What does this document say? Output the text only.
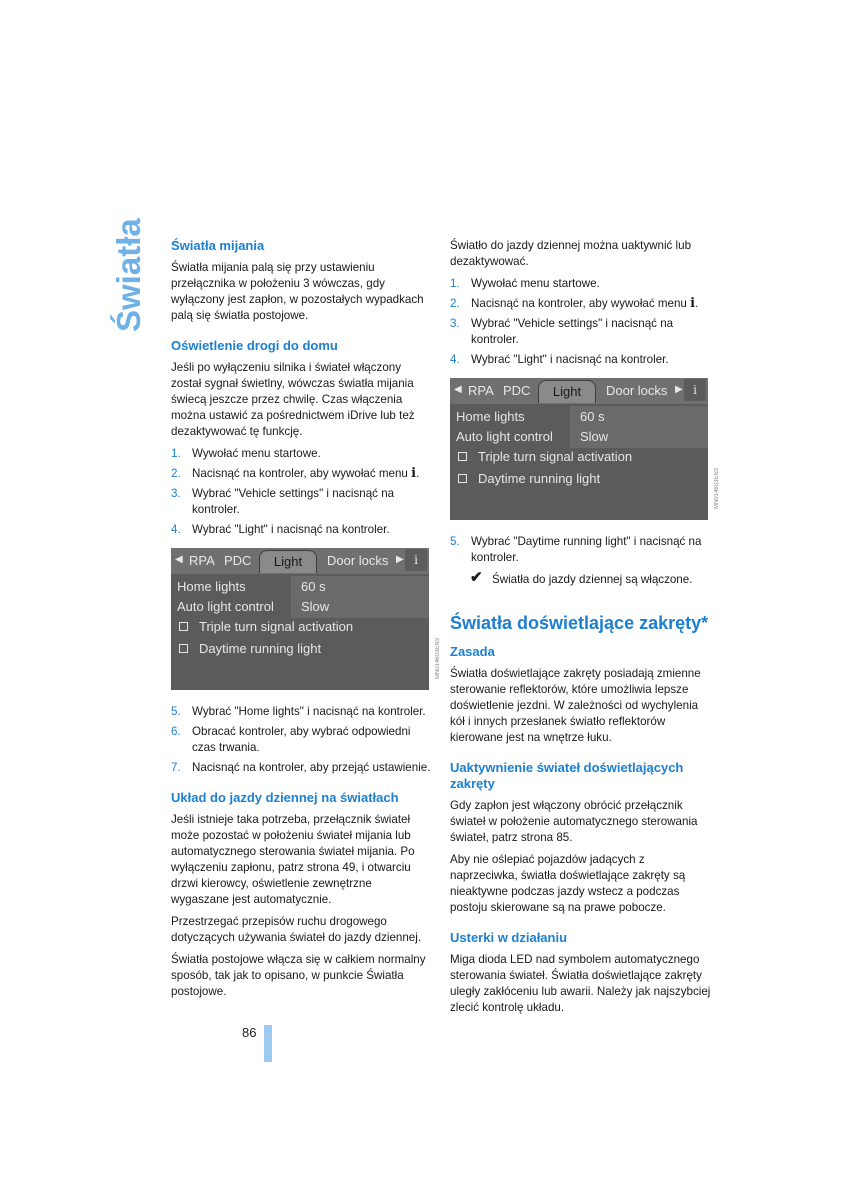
Światła Światła mijania

Światła mijania palą się przy ustawieniu przełącznika w położeniu 3 wówczas, gdy wyłączony jest zapłon, w pozostałych wypadkach palą się światła postojowe.

Oświetlenie drogi do domu

Jeśli po wyłączeniu silnika i świateł włączony został sygnał świetlny, wówczas światła mijania świecą jeszcze przez chwilę. Czas włączenia można ustawić za pośrednictwem iDrive lub też dezaktywować tę funkcję.

1. Wywołać menu startowe.
2. Nacisnąć na kontroler, aby wywołać menu i.
3. Wybrać "Vehicle settings" i nacisnąć na kontroler.
4. Wybrać "Light" i nacisnąć na kontroler.
◀ RPA PDC	Light	Door locks ▶ i
Home lights	60 s
Auto light control Slow
Triple turn signal activation
Daytime running light	MN014603EN3
5. Wybrać "Home lights" i nacisnąć na kontroler.
6. Obracać kontroler, aby wybrać odpowiedni czas trwania.
7. Nacisnąć na kontroler, aby przejąć ustawienie.
Układ do jazdy dziennej na światłach

Jeśli istnieje taka potrzeba, przełącznik świateł może pozostać w położeniu świateł mijania lub automatycznego sterowania świateł mijania. Po wyłączeniu zapłonu, patrz strona 49, i otwarciu drzwi kierowcy, oświetlenie zewnętrzne wygaszane jest automatycznie.

Przestrzegać przepisów ruchu drogowego dotyczących używania świateł do jazdy dziennej.

Światła postojowe włącza się w całkiem normalny sposób, tak jak to opisano, w punkcie Światła postojowe.

Światło do jazdy dziennej można uaktywnić lub dezaktywować.

1. Wywołać menu startowe.
2. Nacisnąć na kontroler, aby wywołać menu i.
3. Wybrać "Vehicle settings" i nacisnąć na kontroler.
4. Wybrać "Light" i nacisnąć na kontroler.
◀ RPA PDC	Light	Door locks ▶ i
Home lights	60 s
Auto light control Slow
Triple turn signal activation
Daytime running light	MN014603EN3
5. Wybrać "Daytime running light" i nacisnąć na kontroler.
✔ Światła do jazdy dziennej są włączone.
Światła doświetlające zakręty*
Zasada

Światła doświetlające zakręty posiadają zmienne sterowanie reflektorów, które umożliwia lepsze doświetlenie jezdni. W zależności od wychylenia kół i innych przesłanek światło reflektorów kierowane jest na wnętrze łuku.

Uaktywnienie świateł doświetlających zakręty

Gdy zapłon jest włączony obrócić przełącznik świateł w położenie automatycznego sterowania świateł, patrz strona 85.

Aby nie oślepiać pojazdów jadących z naprzeciwka, światła doświetlające zakręty są nieaktywne podczas jazdy wstecz a podczas postoju skierowane są na prawe pobocze.

Usterki w działaniu

Miga dioda LED nad symbolem automatycznego sterowania świateł. Światła doświetlające zakręty uległy zakłóceniu lub awarii. Należy jak najszybciej zlecić kontrolę układu.

86
